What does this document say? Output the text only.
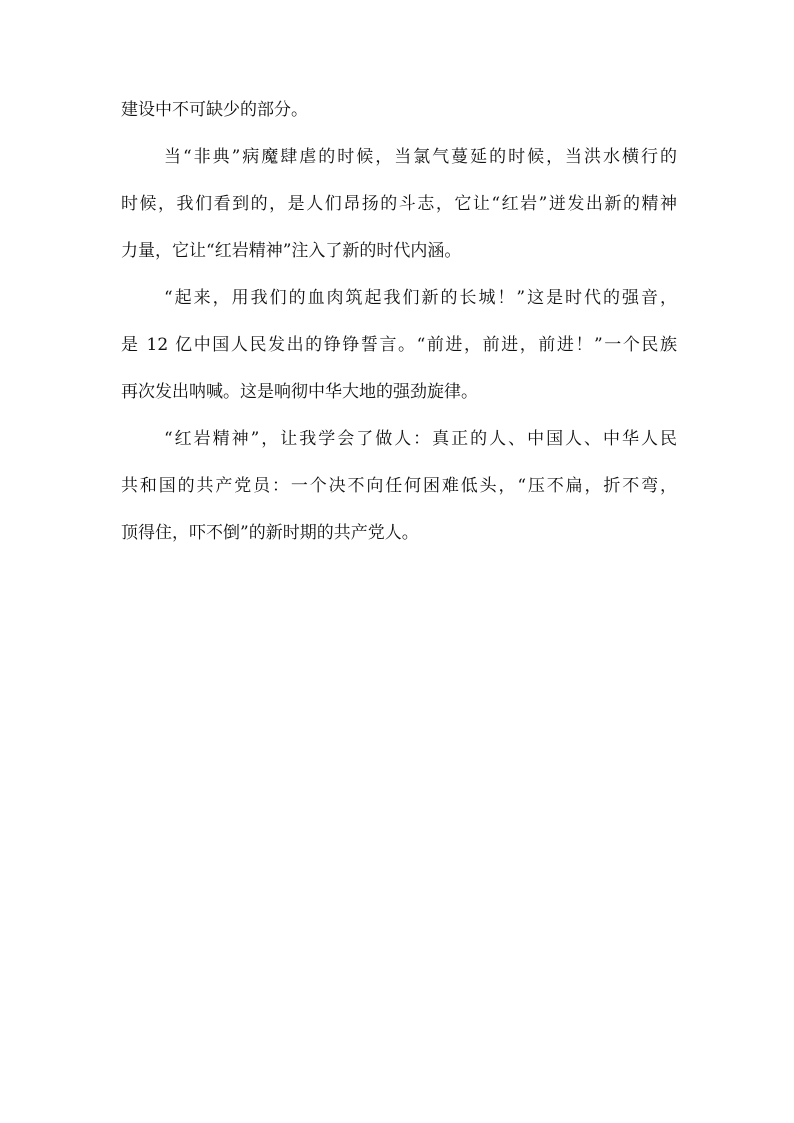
建设中不可缺少的部分。
当“非典”病魔肆虐的时候，当氯气蔓延的时候，当洪水横行的
时候，我们看到的，是人们昂扬的斗志，它让“红岩”迸发出新的精神
力量，它让“红岩精神”注入了新的时代内涵。
“起来，用我们的血肉筑起我们新的长城！”这是时代的强音，
是 12 亿中国人民发出的铮铮誓言。“前进，前进，前进！”一个民族
再次发出呐喊。这是响彻中华大地的强劲旋律。
“红岩精神”，让我学会了做人：真正的人、中国人、中华人民
共和国的共产党员：一个决不向任何困难低头，“压不扁，折不弯，
顶得住，吓不倒”的新时期的共产党人。
